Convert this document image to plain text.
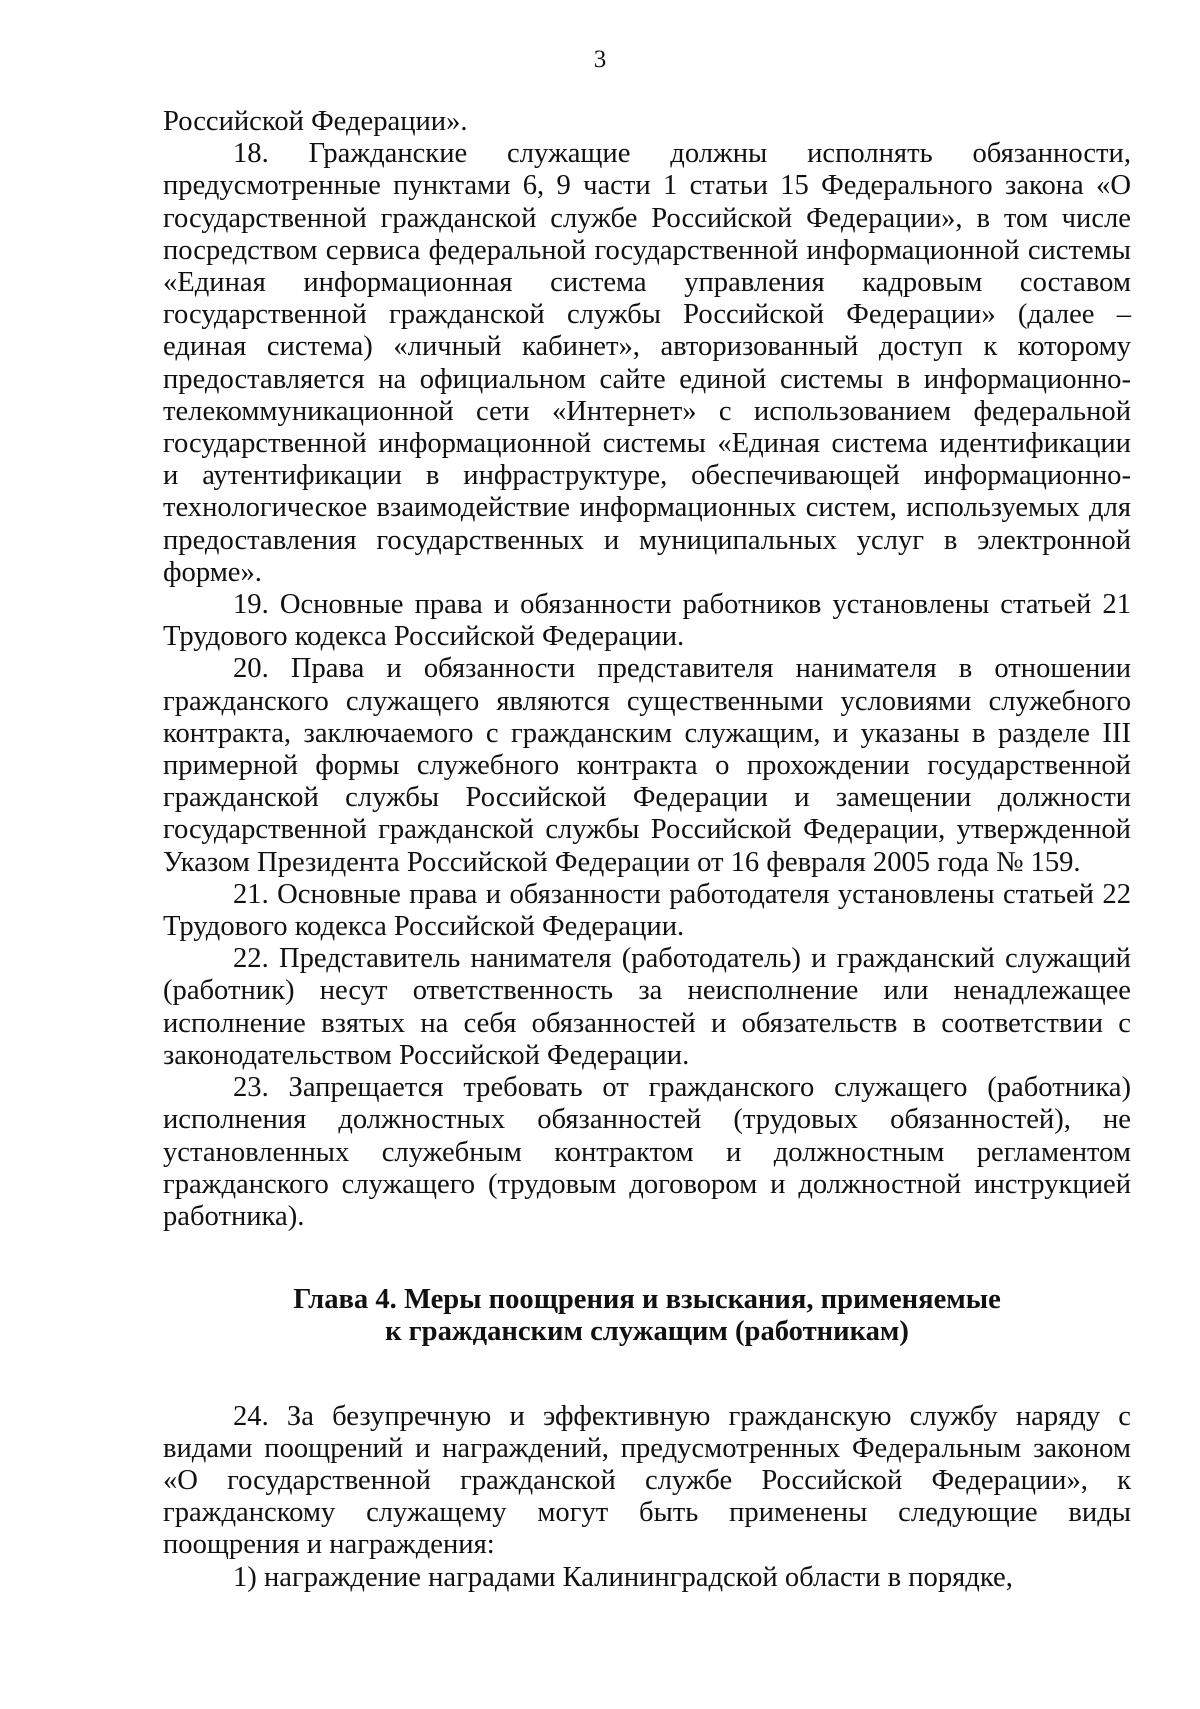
3

Российской Федерации».

18. Гражданские служащие должны исполнять обязанности, предусмотренные пунктами 6, 9 части 1 статьи 15 Федерального закона «О государственной гражданской службе Российской Федерации», в том числе посредством сервиса федеральной государственной информационной системы «Единая информационная система управления кадровым составом государственной гражданской службы Российской Федерации» (далее – единая система) «личный кабинет», авторизованный доступ к которому предоставляется на официальном сайте единой системы в информационно-телекоммуникационной сети «Интернет» с использованием федеральной государственной информационной системы «Единая система идентификации и аутентификации в инфраструктуре, обеспечивающей информационно-технологическое взаимодействие информационных систем, используемых для предоставления государственных и муниципальных услуг в электронной форме».

19. Основные права и обязанности работников установлены статьей 21 Трудового кодекса Российской Федерации.

20. Права и обязанности представителя нанимателя в отношении гражданского служащего являются существенными условиями служебного контракта, заключаемого с гражданским служащим, и указаны в разделе III примерной формы служебного контракта о прохождении государственной гражданской службы Российской Федерации и замещении должности государственной гражданской службы Российской Федерации, утвержденной Указом Президента Российской Федерации от 16 февраля 2005 года № 159.

21. Основные права и обязанности работодателя установлены статьей 22 Трудового кодекса Российской Федерации.

22. Представитель нанимателя (работодатель) и гражданский служащий (работник) несут ответственность за неисполнение или ненадлежащее исполнение взятых на себя обязанностей и обязательств в соответствии с законодательством Российской Федерации.

23. Запрещается требовать от гражданского служащего (работника) исполнения должностных обязанностей (трудовых обязанностей), не установленных служебным контрактом и должностным регламентом гражданского служащего (трудовым договором и должностной инструкцией работника).

Глава 4. Меры поощрения и взыскания, применяемые
к гражданским служащим (работникам)

24. За безупречную и эффективную гражданскую службу наряду с видами поощрений и награждений, предусмотренных Федеральным законом «О государственной гражданской службе Российской Федерации», к гражданскому служащему могут быть применены следующие виды поощрения и награждения:

1) награждение наградами Калининградской области в порядке,
